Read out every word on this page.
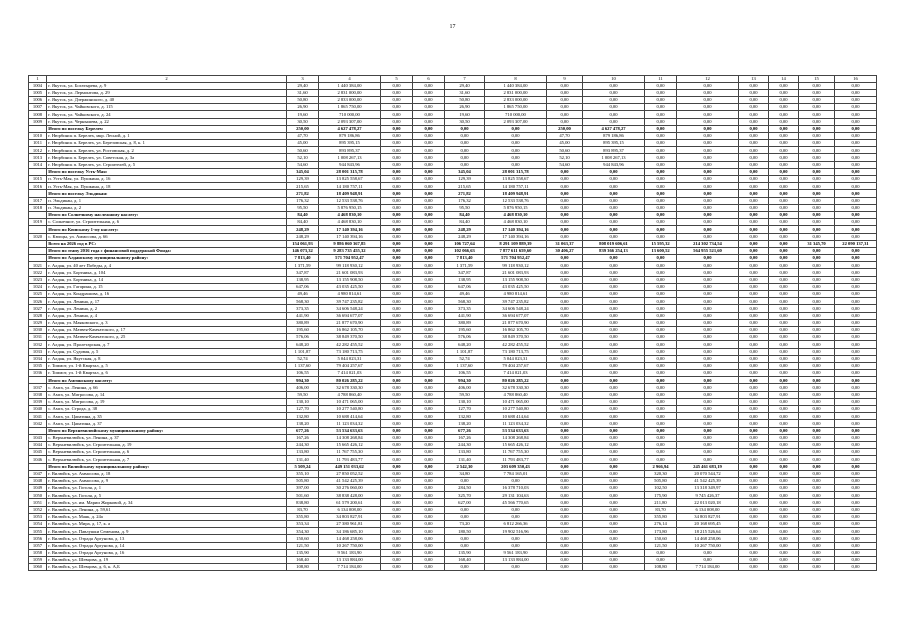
17
1	2	3	4	5	6	7	8	9	10	11	12	13	14	15	16
1004	г. Якутск, ул. Богатырева, д. 9	29,40	1 440 384,00	0,00	0,00	29,40	1 440 384,00	0,00	0,00	0,00	0,00	0,00	0,00	0,00	0,00
1005	г. Якутск, ул. Лермонтова, д. 29	31,60	2 831 000,00	0,00	0,00	31,60	2 831 000,00	0,00	0,00	0,00	0,00	0,00	0,00	0,00	0,00
1006	г. Якутск, ул. Дзержинского, д. 40	50,80	2 833 000,00	0,00	0,00	50,80	2 833 000,00	0,00	0,00	0,00	0,00	0,00	0,00	0,00	0,00
1007	г. Якутск, ул. Чайковского, д. 115	26,90	1 865 750,00	0,00	0,00	26,90	1 865 750,00	0,00	0,00	0,00	0,00	0,00	0,00	0,00	0,00
1008	г. Якутск, ул. Чайковского, д. 24	19,60	710 000,00	0,00	0,00	19,60	710 000,00	0,00	0,00	0,00	0,00	0,00	0,00	0,00	0,00
1009	г. Якутск, ул. Чернышева, д. 22	30,50	2 093 307,00	0,00	0,00	30,50	2 093 307,00	0,00	0,00	0,00	0,00	0,00	0,00	0,00	0,00
	Итого по поселку Берелех:	250,00	4 627 478,27	0,00	0,00	0,00	0,00	250,00	4 627 478,27	0,00	0,00	0,00	0,00	0,00	0,00
1010	г. Нюрбинск п. Берелех, мкр. Лесной, д. 1	47,70	879 186,86	0,00	0,00	0,00	0,00	47,70	879 186,86	0,00	0,00	0,00	0,00	0,00	0,00
1011	г. Нюрбинск п. Берелех, ул. Березовская, д. 8, к. 1	45,00	895 395,15	0,00	0,00	0,00	0,00	45,00	895 395,15	0,00	0,00	0,00	0,00	0,00	0,00
1012	г. Нюрбинск п. Берелех, ул. Ростовская, д. 2	50,60	893 895,37	0,00	0,00	0,00	0,00	50,60	893 895,37	0,00	0,00	0,00	0,00	0,00	0,00
1013	г. Нюрбинск п. Берелех, ул. Советская, д. 3а	52,10	1 008 267,13	0,00	0,00	0,00	0,00	52,10	1 008 267,13	0,00	0,00	0,00	0,00	0,00	0,00
1014	г. Нюрбинск п. Берелех, ул. Строителей, д. 5	54,60	944 843,96	0,00	0,00	0,00	0,00	54,60	944 843,96	0,00	0,00	0,00	0,00	0,00	0,00
	Итого по поселку Усть-Мая:	345,04	28 001 315,78	0,00	0,00	345,04	28 001 315,78	0,00	0,00	0,00	0,00	0,00	0,00	0,00	0,00
1015	п. Усть-Мая, ул. Пушкина, д. 16	129,39	13 825 558,67	0,00	0,00	129,39	13 825 558,67	0,00	0,00	0,00	0,00	0,00	0,00	0,00	0,00
1016	п. Усть-Мая, ул. Пушкина, д. 18	215,65	14 180 757,11	0,00	0,00	215,65	14 180 757,11	0,00	0,00	0,00	0,00	0,00	0,00	0,00	0,00
	Итого по поселку Эльдикан:	271,82	18 409 948,91	0,00	0,00	271,82	18 409 948,91	0,00	0,00	0,00	0,00	0,00	0,00	0,00	0,00
1017	п. Эльдикан, д. 1	176,32	12 533 538,76	0,00	0,00	176,32	12 533 538,76	0,00	0,00	0,00	0,00	0,00	0,00	0,00	0,00
1018	п. Эльдикан, д. 2	95,50	5 876 950,15	0,00	0,00	95,50	5 876 950,15	0,00	0,00	0,00	0,00	0,00	0,00	0,00	0,00
	Итого по Солнечному наслежному наслегу:	84,40	4 468 830,10	0,00	0,00	84,40	4 468 830,10	0,00	0,00	0,00	0,00	0,00	0,00	0,00	0,00
1019	с. Солнечное, ул. Строительная, д. 6	84,40	4 468 830,10	0,00	0,00	84,40	4 468 830,10	0,00	0,00	0,00	0,00	0,00	0,00	0,00	0,00
	Итого по Кюпскому 1-му наслегу:	248,29	17 140 394,16	0,00	0,00	248,29	17 140 394,16	0,00	0,00	0,00	0,00	0,00	0,00	0,00	0,00
1020	с. Кюпцы, ул. Аммосова, д. 66	248,29	17 140 394,16	0,00	0,00	248,29	17 140 394,16	0,00	0,00	0,00	0,00	0,00	0,00	0,00	0,00
	Всего на 2026 год в РС:	154 061,93	9 886 060 367,85	0,00	0,00	106 727,64	8 291 109 889,39	31 063,37	808 019 606,61	15 595,32	214 302 734,54	0,00	0,00	31 345,70	22 090 137,31
	Итого по этапу 2016 года с финансовой поддержкой Фонда:	146 073,32	9 283 735 455,32	0,00	0,00	102 066,63	7 877 611 659,60	30 406,27	839 366 254,13	13 600,52	564 955 521,60	0,00	0,00	0,00	0,00
	Итого по Алданскому муниципальному району:	7 813,40	571 704 952,47	0,00	0,00	7 813,40	571 704 952,47	0,00	0,00	0,00	0,00	0,00	0,00	0,00	0,00
1021	г. Алдан, ул. 40 лет Победы, д. 4	1 371,59	99 118 930,12	0,00	0,00	1 371,59	99 118 930,12	0,00	0,00	0,00	0,00	0,00	0,00	0,00	0,00
1022	г. Алдан, ул. Бортника, д. 104	347,87	21 601 083,93	0,00	0,00	347,87	21 601 083,93	0,00	0,00	0,00	0,00	0,00	0,00	0,00	0,00
1023	г. Алдан, ул. Бортника, д. 14	138,95	13 155 908,50	0,00	0,00	138,95	13 155 908,50	0,00	0,00	0,00	0,00	0,00	0,00	0,00	0,00
1024	г. Алдан, ул. Гагарина, д. 15	647,06	43 035 425,50	0,00	0,00	647,06	43 035 425,50	0,00	0,00	0,00	0,00	0,00	0,00	0,00	0,00
1025	г. Алдан, ул. Кондрашова, д. 16	49,46	4 980 814,61	0,00	0,00	49,46	4 980 814,61	0,00	0,00	0,00	0,00	0,00	0,00	0,00	0,00
1026	г. Алдан, ул. Ленина, д. 17	568,30	39 747 235,82	0,00	0,00	568,30	39 747 235,82	0,00	0,00	0,00	0,00	0,00	0,00	0,00	0,00
1027	г. Алдан, ул. Ленина, д. 2	373,35	34 606 548,24	0,00	0,00	373,35	34 606 548,24	0,00	0,00	0,00	0,00	0,00	0,00	0,00	0,00
1028	г. Алдан, ул. Ленина, д. 4	441,90	36 694 677,07	0,00	0,00	441,90	36 694 677,07	0,00	0,00	0,00	0,00	0,00	0,00	0,00	0,00
1029	г. Алдан, ул. Маяковского, д. 3	380,89	21 877 670,90	0,00	0,00	380,89	21 877 670,90	0,00	0,00	0,00	0,00	0,00	0,00	0,00	0,00
1030	г. Алдан, ул. Матвея-Камчатского, д. 17	195,60	16 862 105,70	0,00	0,00	195,60	16 862 105,70	0,00	0,00	0,00	0,00	0,00	0,00	0,00	0,00
1031	г. Алдан, ул. Матвея-Камчатского, д. 25	576,06	38 849 370,50	0,00	0,00	576,06	38 849 370,50	0,00	0,00	0,00	0,00	0,00	0,00	0,00	0,00
1032	г. Алдан, ул. Пролетарская, д. 7	648,20	42 282 455,52	0,00	0,00	648,20	42 282 455,52	0,00	0,00	0,00	0,00	0,00	0,00	0,00	0,00
1033	г. Алдан, ул. Судовая, д. 5	1 101,87	73 180 713,75	0,00	0,00	1 101,87	73 180 713,75	0,00	0,00	0,00	0,00	0,00	0,00	0,00	0,00
1034	г. Алдан, ул. Якутская, д. 8	52,74	5 044 023,31	0,00	0,00	52,74	5 044 023,31	0,00	0,00	0,00	0,00	0,00	0,00	0,00	0,00
1035	г. Томмот, ул. 1-й Квартал, д. 5	1 137,60	79 404 257,67	0,00	0,00	1 137,60	79 404 257,67	0,00	0,00	0,00	0,00	0,00	0,00	0,00	0,00
1036	г. Томмот, ул. 1-й Квартал, д. 6	106,55	7 414 021,03	0,00	0,00	106,55	7 414 021,03	0,00	0,00	0,00	0,00	0,00	0,00	0,00	0,00
	Итого по Амгинскому наслегу:	994,30	80 026 285,22	0,00	0,00	994,30	80 026 285,22	0,00	0,00	0,00	0,00	0,00	0,00	0,00	0,00
1037	с. Амга, ул. Ленина, д. 66	406,00	32 678 330,30	0,00	0,00	406,00	32 678 330,30	0,00	0,00	0,00	0,00	0,00	0,00	0,00	0,00
1038	с. Амга, ул. Матросова, д. 14	59,50	4 788 860,40	0,00	0,00	59,50	4 788 860,40	0,00	0,00	0,00	0,00	0,00	0,00	0,00	0,00
1039	с. Амга, ул. Матросова, д. 19	130,10	10 471 065,00	0,00	0,00	130,10	10 471 065,00	0,00	0,00	0,00	0,00	0,00	0,00	0,00	0,00
1040	с. Амга, ул. Строда, д. 38	127,70	10 277 540,80	0,00	0,00	127,70	10 277 540,80	0,00	0,00	0,00	0,00	0,00	0,00	0,00	0,00
1041	с. Амга, ул. Цапатина, д. 35	132,80	10 688 414,64	0,00	0,00	132,80	10 688 414,64	0,00	0,00	0,00	0,00	0,00	0,00	0,00	0,00
1042	с. Амга, ул. Цапатина, д. 37	138,20	11 123 034,32	0,00	0,00	138,20	11 123 034,32	0,00	0,00	0,00	0,00	0,00	0,00	0,00	0,00
	Итого по Верхневилюйскому муниципальному району:	677,26	53 534 633,63	0,00	0,00	677,26	53 534 633,63	0,00	0,00	0,00	0,00	0,00	0,00	0,00	0,00
1043	с. Верхневилюйск, ул. Ленина, д. 37	167,26	14 308 268,84	0,00	0,00	167,26	14 308 268,84	0,00	0,00	0,00	0,00	0,00	0,00	0,00	0,00
1044	с. Верхневилюйск, ул. Строительная, д. 19	244,30	15 665 426,12	0,00	0,00	244,30	15 665 426,12	0,00	0,00	0,00	0,00	0,00	0,00	0,00	0,00
1045	с. Верхневилюйск, ул. Строительная, д. 6	133,80	11 767 755,30	0,00	0,00	133,80	11 767 755,30	0,00	0,00	0,00	0,00	0,00	0,00	0,00	0,00
1046	с. Верхневилюйск, ул. Строительная, д. 7	131,40	11 793 483,77	0,00	0,00	131,40	11 793 483,77	0,00	0,00	0,00	0,00	0,00	0,00	0,00	0,00
	Итого по Вилюйскому муниципальному району:	5 509,24	449 151 033,62	0,00	0,00	2 542,30	203 609 350,43	0,00	0,00	2 966,94	245 461 683,19	0,00	0,00	0,00	0,00
1047	г. Вилюйск, ул. Аммосова, д. 18	355,10	27 850 052,52	0,00	0,00	34,80	7 784 165,01	0,00	0,00	320,30	20 070 544,72	0,00	0,00	0,00	0,00
1048	г. Вилюйск, ул. Аммосова, д. 9	505,80	41 542 425,39	0,00	0,00	0,00	0,00	0,00	0,00	505,80	41 542 425,39	0,00	0,00	0,00	0,00
1049	г. Вилюйск, ул. Гоголя, д. 1	397,00	30 276 060,00	0,00	0,00	284,50	16 378 710,03	0,00	0,00	102,50	13 318 349,97	0,00	0,00	0,00	0,00
1050	г. Вилюйск, ул. Гоголя, д. 5	501,60	38 838 428,00	0,00	0,00	325,70	29 131 104,63	0,00	0,00	175,90	9 745 426,37	0,00	0,00	0,00	0,00
1051	г. Вилюйск, ул. им. Марии Жирковой, д. 34	838,80	61 579 200,61	0,00	0,00	627,00	45 566 770,65	0,00	0,00	211,80	22 013 020,18	0,00	0,00	0,00	0,00
1052	г. Вилюйск, ул. Ленина, д. 59,61	83,70	6 134 008,00	0,00	0,00	0,00	0,00	0,00	0,00	83,70	6 134 008,00	0,00	0,00	0,00	0,00
1053	г. Вилюйск, ул. Маяк, д. 24а	355,80	34 803 827,91	0,00	0,00	0,00	0,00	0,00	0,00	355,80	34 803 827,91	0,00	0,00	0,00	0,00
1054	г. Вилюйск, ул. Мира, д. 17, к. а	353,34	27 380 961,81	0,00	0,00	73,20	6 812 266,36	0,00	0,00	276,14	20 168 695,45	0,00	0,00	0,00	0,00
1055	г. Вилюйск, ул. Павлушки Семенова, д. 9	354,30	34 186 685,10	0,00	0,00	180,50	19 902 516,96	0,00	0,00	173,80	18 215 526,64	0,00	0,00	0,00	0,00
1056	г. Вилюйск, ул. Отрада Аргунова, д. 13	150,60	14 468 258,06	0,00	0,00	0,00	0,00	0,00	0,00	150,60	14 468 258,06	0,00	0,00	0,00	0,00
1057	г. Вилюйск, ул. Отрада Аргунова, д. 14	121,50	10 267 750,00	0,00	0,00	0,00	0,00	0,00	0,00	121,50	10 267 750,00	0,00	0,00	0,00	0,00
1058	г. Вилюйск, ул. Отрада Аргунова, д. 16	135,90	9 561 183,90	0,00	0,00	135,90	9 561 183,90	0,00	0,00	0,00	0,00	0,00	0,00	0,00	0,00
1059	г. Вилюйск, ул. Шевцова, д. 19	168,40	13 133 884,00	0,00	0,00	168,40	13 133 884,00	0,00	0,00	0,00	0,00	0,00	0,00	0,00	0,00
1060	г. Вилюйск, ул. Шевцова, д. 6, к. А,Б	108,80	7 714 184,00	0,00	0,00	0,00	0,00	0,00	0,00	108,80	7 714 184,00	0,00	0,00	0,00	0,00
